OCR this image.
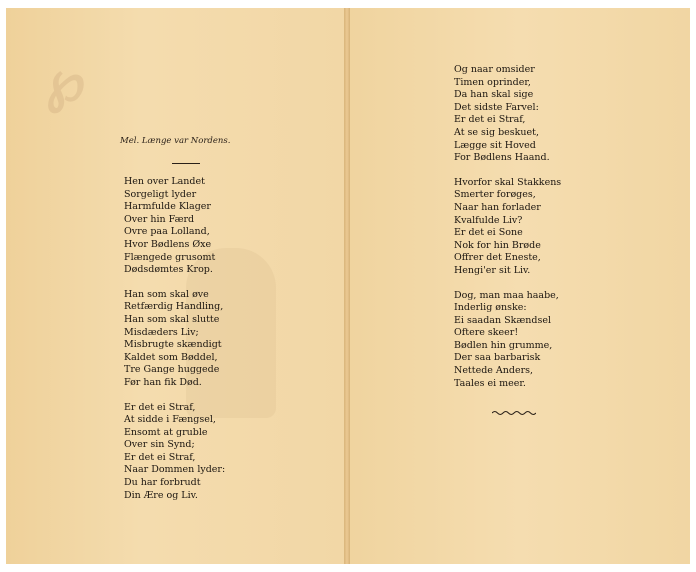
℘
Mel. Længe var Nordens.
Hen over Landet
Sorgeligt lyder
Harmfulde Klager
Over hin Færd
Ovre paa Lolland,
Hvor Bødlens Øxe
Flængede grusomt
Dødsdømtes Krop.
Han som skal øve
Retfærdig Handling,
Han som skal slutte
Misdæders Liv;
Misbrugte skændigt
Kaldet som Bøddel,
Tre Gange huggede
Før han fik Død.
Er det ei Straf,
At sidde i Fængsel,
Ensomt at gruble
Over sin Synd;
Er det ei Straf,
Naar Dommen lyder:
Du har forbrudt
Din Ære og Liv.
Og naar omsider
Timen oprinder,
Da han skal sige
Det sidste Farvel:
Er det ei Straf,
At se sig beskuet,
Lægge sit Hoved
For Bødlens Haand.
Hvorfor skal Stakkens
Smerter forøges,
Naar han forlader
Kvalfulde Liv?
Er det ei Sone
Nok for hin Brøde
Offrer det Eneste,
Hengi'er sit Liv.
Dog, man maa haabe,
Inderlig ønske:
Ei saadan Skændsel
Oftere skeer!
Bødlen hin grumme,
Der saa barbarisk
Nettede Anders,
Taales ei meer.
